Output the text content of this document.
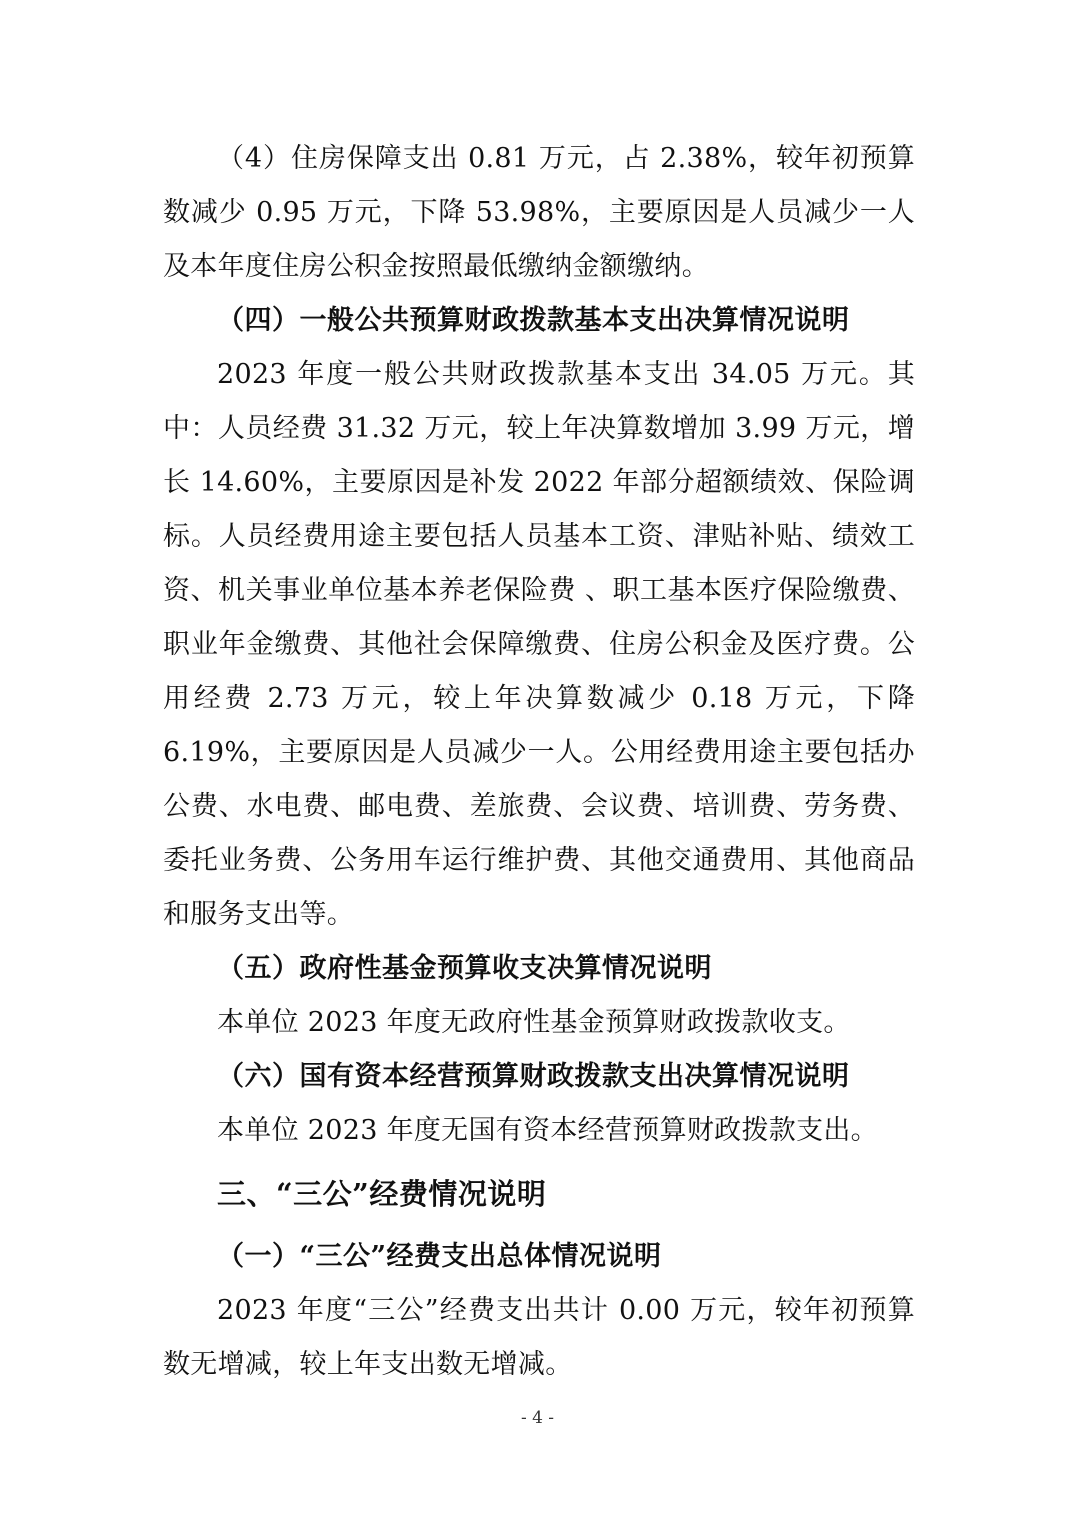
（4）住房保障支出 0.81 万元，占 2.38%，较年初预算数减少 0.95 万元，下降 53.98%，主要原因是人员减少一人及本年度住房公积金按照最低缴纳金额缴纳。

（四）一般公共预算财政拨款基本支出决算情况说明

2023 年度一般公共财政拨款基本支出 34.05 万元。其中：人员经费 31.32 万元，较上年决算数增加 3.99 万元，增长 14.60%，主要原因是补发 2022 年部分超额绩效、保险调标。人员经费用途主要包括人员基本工资、津贴补贴、绩效工资、机关事业单位基本养老保险费 、职工基本医疗保险缴费、职业年金缴费、其他社会保障缴费、住房公积金及医疗费。公用经费 2.73 万元，较上年决算数减少 0.18 万元，下降 6.19%，主要原因是人员减少一人。公用经费用途主要包括办公费、水电费、邮电费、差旅费、会议费、培训费、劳务费、委托业务费、公务用车运行维护费、其他交通费用、其他商品和服务支出等。

（五）政府性基金预算收支决算情况说明

本单位 2023 年度无政府性基金预算财政拨款收支。

（六）国有资本经营预算财政拨款支出决算情况说明

本单位 2023 年度无国有资本经营预算财政拨款支出。

三、“三公”经费情况说明

（一）“三公”经费支出总体情况说明

2023 年度“三公”经费支出共计 0.00 万元，较年初预算数无增减，较上年支出数无增减。

- 4 -
